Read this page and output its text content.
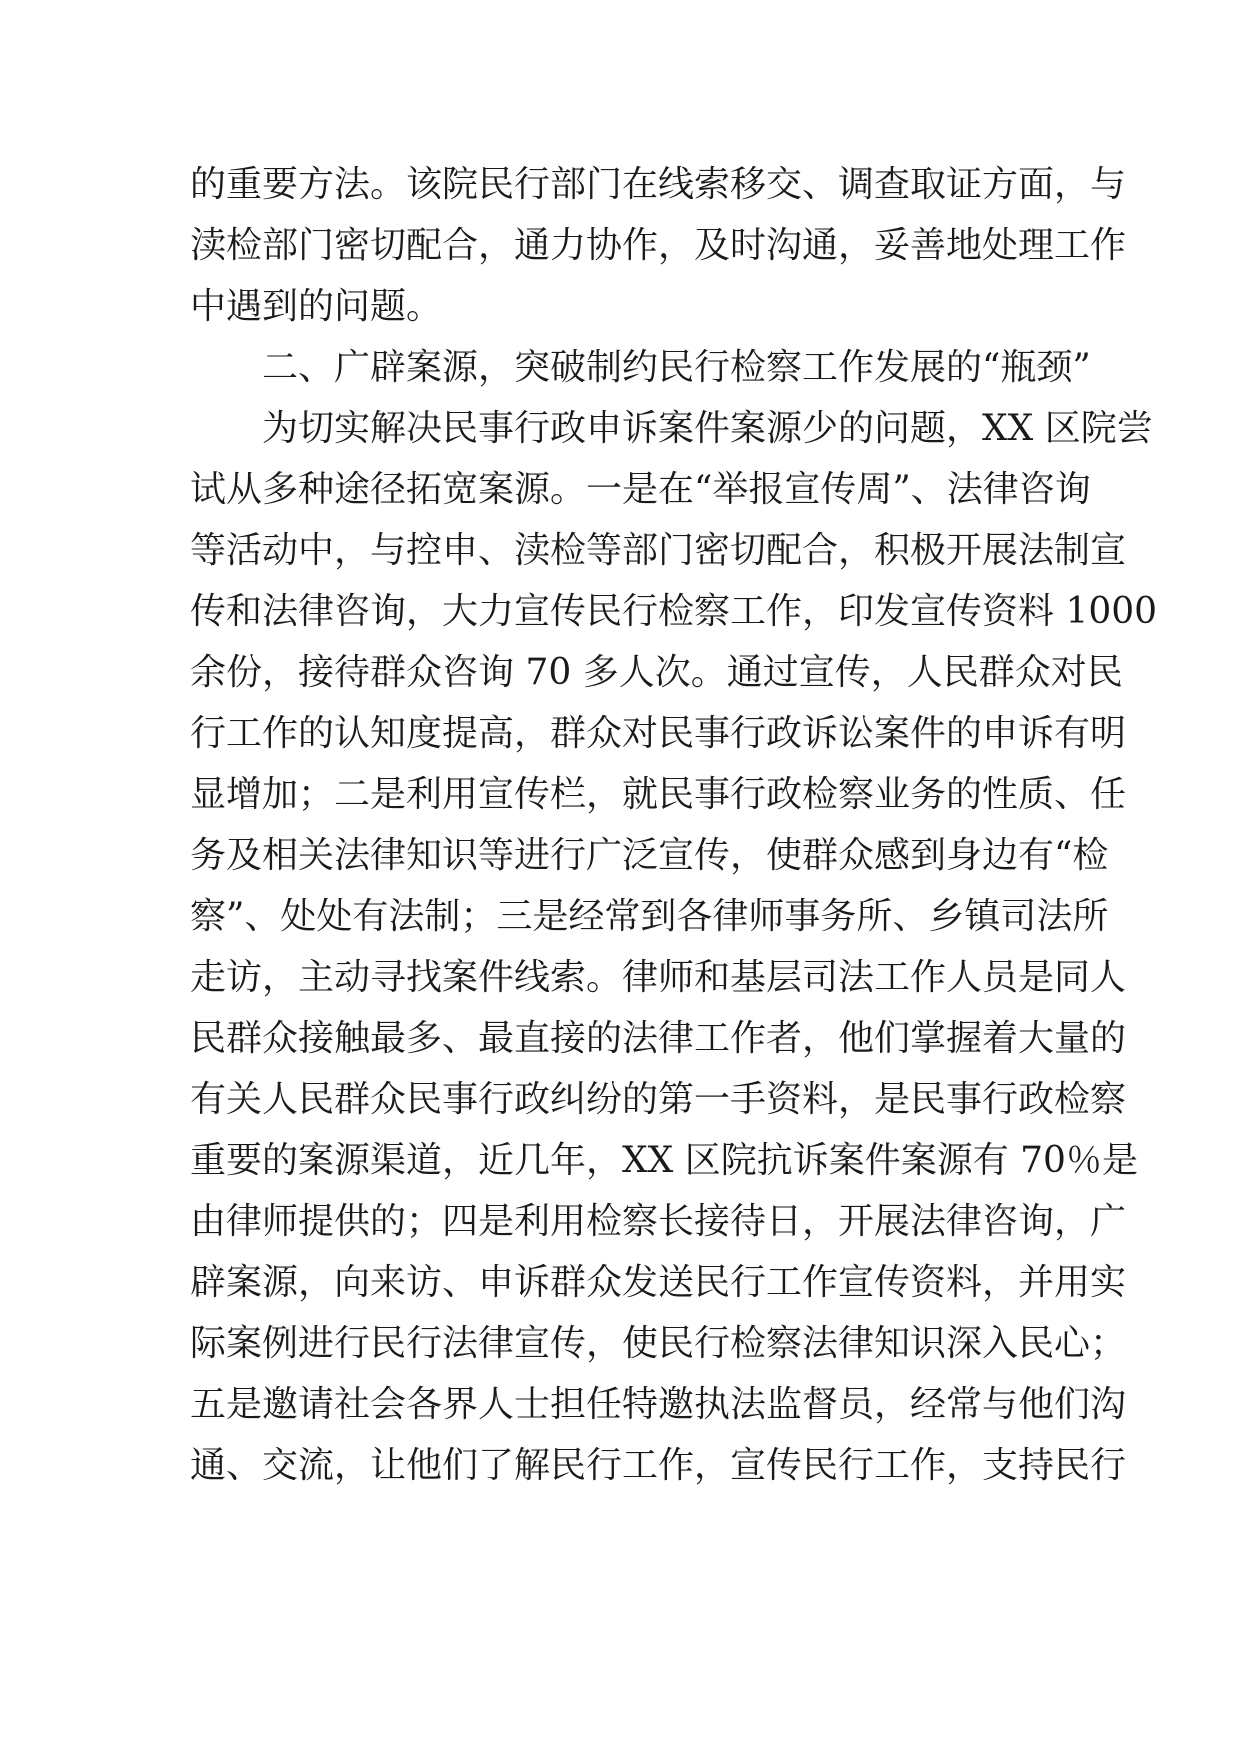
的重要方法。该院民行部门在线索移交、调查取证方面，与
渎检部门密切配合，通力协作，及时沟通，妥善地处理工作
中遇到的问题。
二、广辟案源，突破制约民行检察工作发展的“瓶颈”
为切实解决民事行政申诉案件案源少的问题，XX 区院尝
试从多种途径拓宽案源。一是在“举报宣传周”、法律咨询
等活动中，与控申、渎检等部门密切配合，积极开展法制宣
传和法律咨询，大力宣传民行检察工作，印发宣传资料 1000
余份，接待群众咨询 70 多人次。通过宣传，人民群众对民
行工作的认知度提高，群众对民事行政诉讼案件的申诉有明
显增加；二是利用宣传栏，就民事行政检察业务的性质、任
务及相关法律知识等进行广泛宣传，使群众感到身边有“检
察”、处处有法制；三是经常到各律师事务所、乡镇司法所
走访，主动寻找案件线索。律师和基层司法工作人员是同人
民群众接触最多、最直接的法律工作者，他们掌握着大量的
有关人民群众民事行政纠纷的第一手资料，是民事行政检察
重要的案源渠道，近几年，XX 区院抗诉案件案源有 70％是
由律师提供的；四是利用检察长接待日，开展法律咨询，广
辟案源，向来访、申诉群众发送民行工作宣传资料，并用实
际案例进行民行法律宣传，使民行检察法律知识深入民心；
五是邀请社会各界人士担任特邀执法监督员，经常与他们沟
通、交流，让他们了解民行工作，宣传民行工作，支持民行
